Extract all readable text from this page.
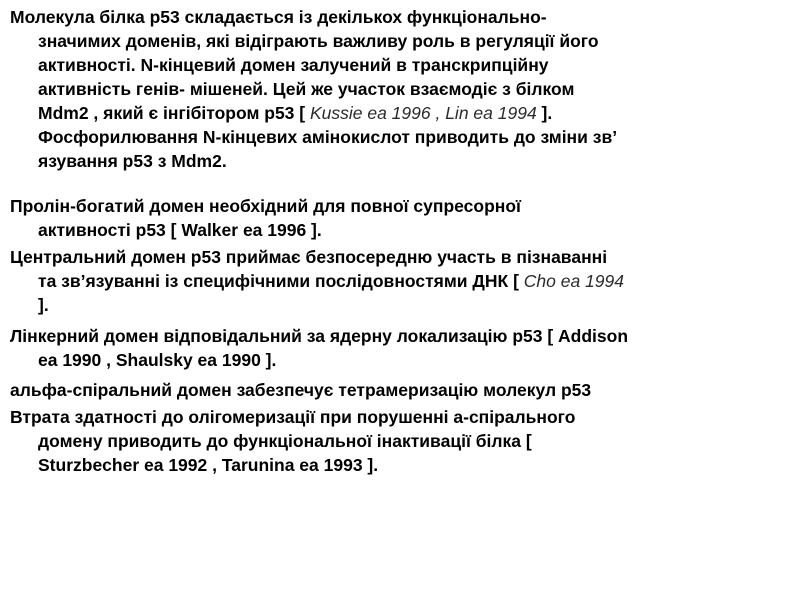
Молекула білка р53 складається із декількох функціонально-
значимих доменів, які відіграють важливу роль в регуляції його
активності. N-кінцевий домен залучений в транскрипційну
активність генів- мішеней. Цей же участок взаємодіє з білком
Mdm2 , який є інгібітором р53 [ Kussie ea 1996 , Lin ea 1994 ].
Фосфорилювання N-кінцевих амінокислот приводить до зміни зв’
язування р53 з Mdm2.
Пролін-богатий домен необхідний для повної супресорної
активності р53 [ Walker ea 1996 ].
Центральний домен р53 приймає безпосередню участь в пізнаванні
та зв’язуванні із специфічними послідовностями ДНК [ Cho ea 1994
].
Лінкерний домен відповідальний за ядерну локализацію р53 [ Addison
ea 1990 , Shaulsky ea 1990 ].
альфа-спіральний домен забезпечує тетрамеризацію молекул р53
Втрата здатності до олігомеризації при порушенні а-спірального
домену приводить до функціональної інактивації білка [
Sturzbecher ea 1992 , Tarunina ea 1993 ].
